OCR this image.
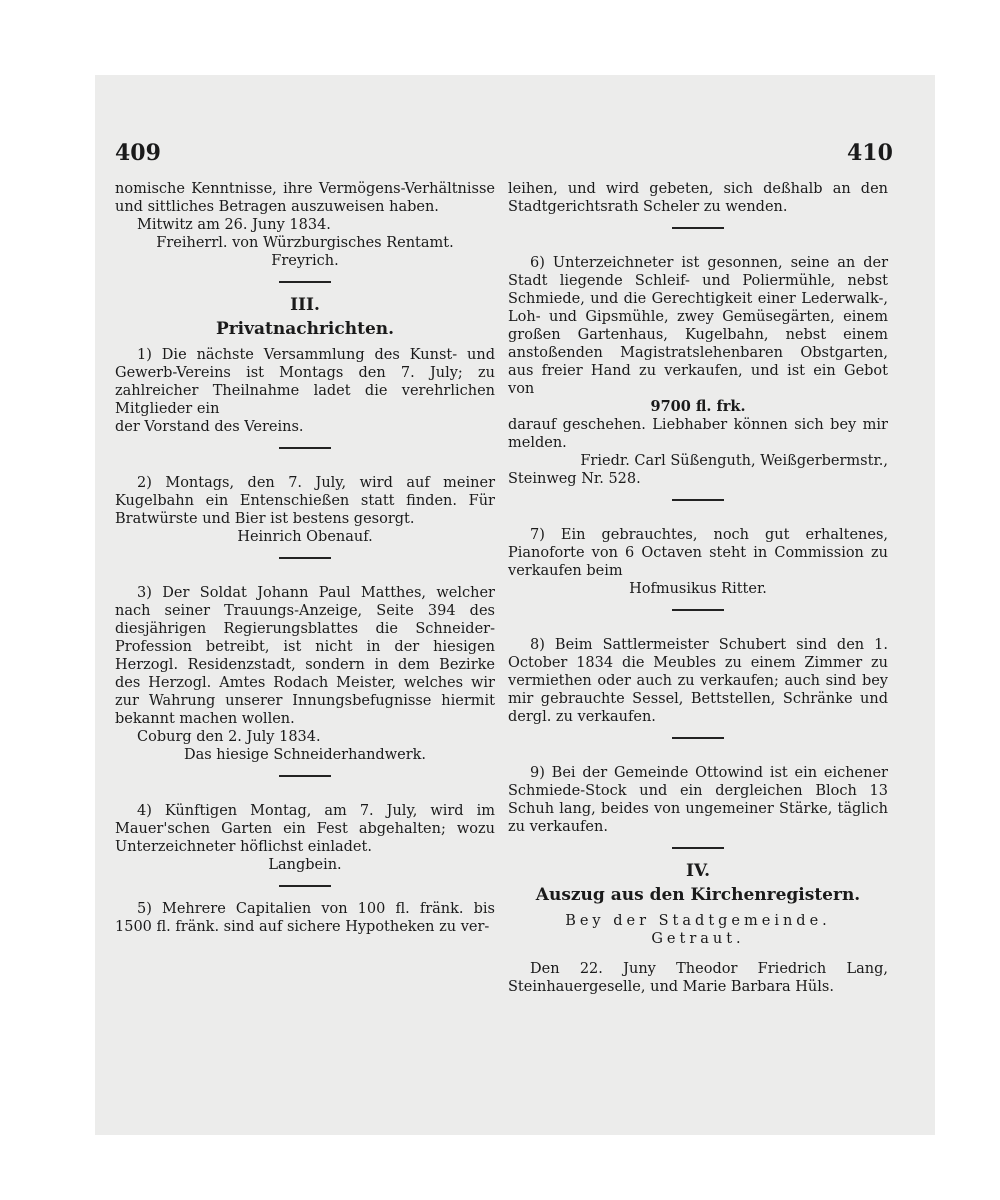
409	410

nomische Kenntnisse, ihre Vermögens-Verhältnisse und sittliches Betragen auszuweisen haben.

Mitwitz am 26. Juny 1834.

Freiherrl. von Würzburgisches Rentamt.

Freyrich.

III.
Privatnachrichten.

1) Die nächste Versammlung des Kunst- und Gewerb-Vereins ist Montags den 7. July; zu zahlreicher Theilnahme ladet die verehrlichen Mitglieder ein

der Vorstand des Vereins.

2) Montags, den 7. July, wird auf meiner Kugelbahn ein Entenschießen statt finden. Für Bratwürste und Bier ist bestens gesorgt.

Heinrich Obenauf.

3) Der Soldat Johann Paul Matthes, welcher nach seiner Trauungs-Anzeige, Seite 394 des diesjährigen Regierungsblattes die Schneider-Profession betreibt, ist nicht in der hiesigen Herzogl. Residenzstadt, sondern in dem Bezirke des Herzogl. Amtes Rodach Meister, welches wir zur Wahrung unserer Innungsbefugnisse hiermit bekannt machen wollen.

Coburg den 2. July 1834.

Das hiesige Schneiderhandwerk.

4) Künftigen Montag, am 7. July, wird im Mauer'schen Garten ein Fest abgehalten; wozu Unterzeichneter höflichst einladet.

Langbein.

5) Mehrere Capitalien von 100 fl. fränk. bis 1500 fl. fränk. sind auf sichere Hypotheken zu ver-

leihen, und wird gebeten, sich deßhalb an den Stadtgerichtsrath Scheler zu wenden.

6) Unterzeichneter ist gesonnen, seine an der Stadt liegende Schleif- und Poliermühle, nebst Schmiede, und die Gerechtigkeit einer Lederwalk-, Loh- und Gipsmühle, zwey Gemüsegärten, einem großen Gartenhaus, Kugelbahn, nebst einem anstoßenden Magistratslehenbaren Obstgarten, aus freier Hand zu verkaufen, und ist ein Gebot von

9700 fl. frk.

darauf geschehen. Liebhaber können sich bey mir melden.

Friedr. Carl Süßenguth, Weißgerbermstr.,

Steinweg Nr. 528.

7) Ein gebrauchtes, noch gut erhaltenes, Pianoforte von 6 Octaven steht in Commission zu verkaufen beim

Hofmusikus Ritter.

8) Beim Sattlermeister Schubert sind den 1. October 1834 die Meubles zu einem Zimmer zu vermiethen oder auch zu verkaufen; auch sind bey mir gebrauchte Sessel, Bettstellen, Schränke und dergl. zu verkaufen.

9) Bei der Gemeinde Ottowind ist ein eichener Schmiede-Stock und ein dergleichen Bloch 13 Schuh lang, beides von ungemeiner Stärke, täglich zu verkaufen.

IV.
Auszug aus den Kirchenregistern.

Bey der Stadtgemeinde.

Getraut.

Den 22. Juny Theodor Friedrich Lang, Steinhauergeselle, und Marie Barbara Hüls.
